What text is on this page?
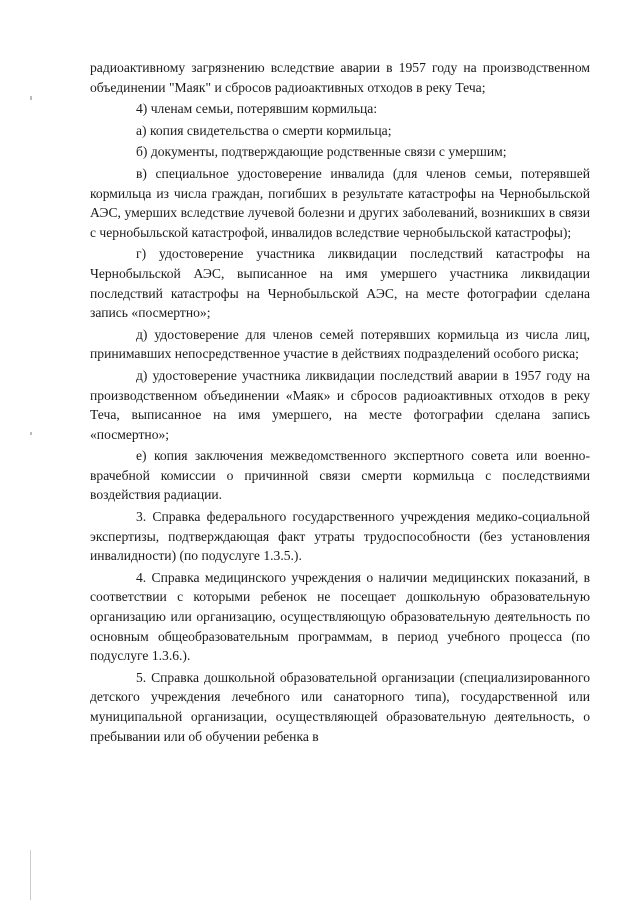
радиоактивному загрязнению вследствие аварии в 1957 году на производственном объединении "Маяк" и сбросов радиоактивных отходов в реку Теча;

4) членам семьи, потерявшим кормильца:

а) копия свидетельства о смерти кормильца;

б) документы, подтверждающие родственные связи с умершим;

в) специальное удостоверение инвалида (для членов семьи, потерявшей кормильца из числа граждан, погибших в результате катастрофы на Чернобыльской АЭС, умерших вследствие лучевой болезни и других заболеваний, возникших в связи с чернобыльской катастрофой, инвалидов вследствие чернобыльской катастрофы);

г) удостоверение участника ликвидации последствий катастрофы на Чернобыльской АЭС, выписанное на имя умершего участника ликвидации последствий катастрофы на Чернобыльской АЭС, на месте фотографии сделана запись «посмертно»;

д) удостоверение для членов семей потерявших кормильца из числа лиц, принимавших непосредственное участие в действиях подразделений особого риска;

д) удостоверение участника ликвидации последствий аварии в 1957 году на производственном объединении «Маяк» и сбросов радиоактивных отходов в реку Теча, выписанное на имя умершего, на месте фотографии сделана запись «посмертно»;

е) копия заключения межведомственного экспертного совета или военно-врачебной комиссии о причинной связи смерти кормильца с последствиями воздействия радиации.

3. Справка федерального государственного учреждения медико-социальной экспертизы, подтверждающая факт утраты трудоспособности (без установления инвалидности) (по подуслуге 1.3.5.).

4. Справка медицинского учреждения о наличии медицинских показаний, в соответствии с которыми ребенок не посещает дошкольную образовательную организацию или организацию, осуществляющую образовательную деятельность по основным общеобразовательным программам, в период учебного процесса (по подуслуге 1.3.6.).

5. Справка дошкольной образовательной организации (специализированного детского учреждения лечебного или санаторного типа), государственной или муниципальной организации, осуществляющей образовательную деятельность, о пребывании или об обучении ребенка в
